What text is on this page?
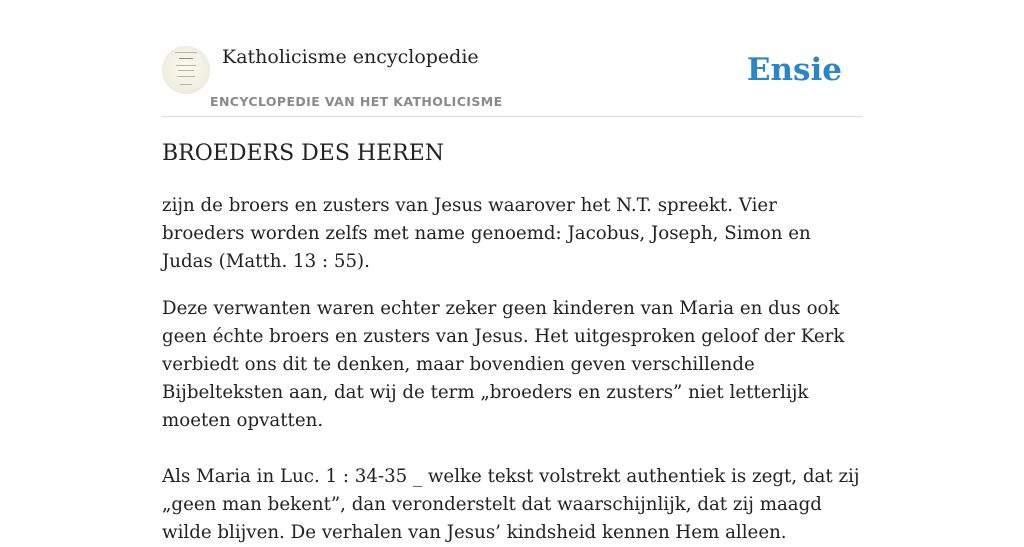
Katholicisme encyclopedie
ENCYCLOPEDIE VAN HET KATHOLICISME
Ensie
BROEDERS DES HEREN

zijn de broers en zusters van Jesus waarover het N.T. spreekt. Vier broeders worden zelfs met name genoemd: Jacobus, Joseph, Simon en Judas (Matth. 13 : 55).

Deze verwanten waren echter zeker geen kinderen van Maria en dus ook geen échte broers en zusters van Jesus. Het uitgesproken geloof der Kerk verbiedt ons dit te denken, maar bovendien geven verschillende Bijbelteksten aan, dat wij de term „broeders en zusters” niet letterlijk moeten opvatten.

Als Maria in Luc. 1 : 34-35 _ welke tekst volstrekt authentiek is zegt, dat zij „geen man bekent”, dan veronderstelt dat waarschijnlijk, dat zij maagd wilde blijven. De verhalen van Jesus’ kindsheid kennen Hem alleen.
